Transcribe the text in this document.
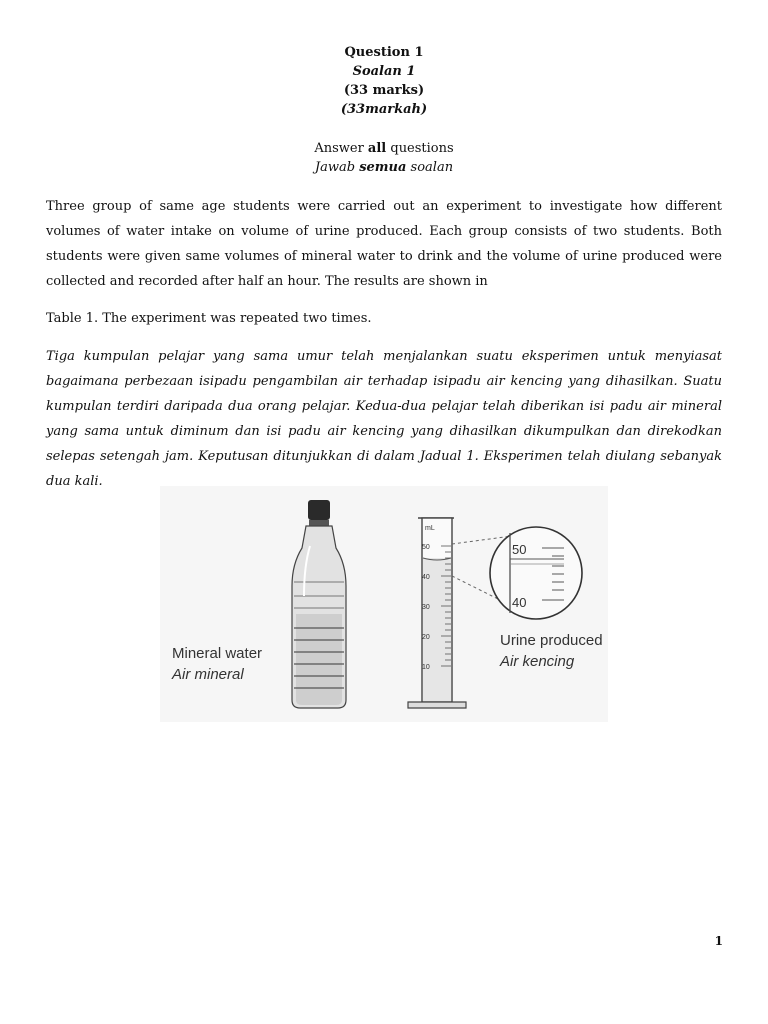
Question 1
Soalan 1
(33 marks)
(33markah)
Answer all questions
Jawab semua soalan
Three group of same age students were carried out an experiment to investigate how different volumes of water intake on volume of urine produced. Each group consists of two students. Both students were given same volumes of mineral water to drink and the volume of urine produced were collected and recorded after half an hour. The results are shown in
Table 1. The experiment was repeated two times.
Tiga kumpulan pelajar yang sama umur telah menjalankan suatu eksperimen untuk menyiasat bagaimana perbezaan isipadu pengambilan air terhadap isipadu air kencing yang dihasilkan. Suatu kumpulan terdiri daripada dua orang pelajar. Kedua-dua pelajar telah diberikan isi padu air mineral yang sama untuk diminum dan isi padu air kencing yang dihasilkan dikumpulkan dan direkodkan selepas setengah jam. Keputusan ditunjukkan di dalam Jadual 1. Eksperimen telah diulang sebanyak dua kali.
Mineral water
Air mineral
mL
50
40
30
20
10
50
40
Urine produced
Air kencing
1
